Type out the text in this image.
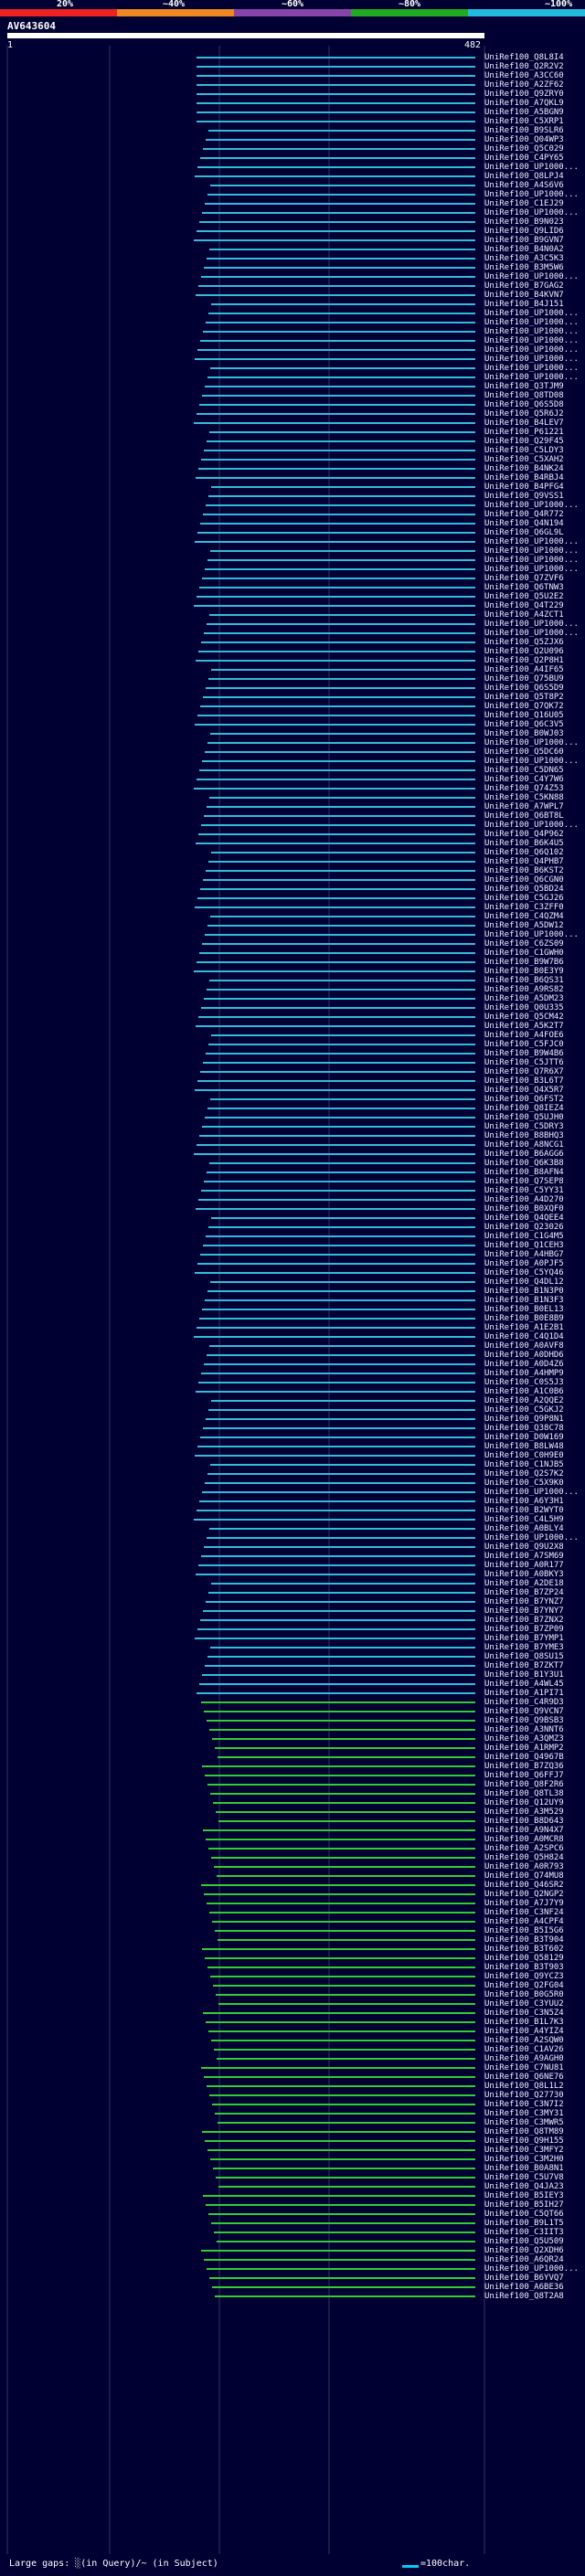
20%	~40%	~60%	~80%	~100%
AV643604
1	482
UniRef100_Q8L8I4
UniRef100_Q2R2V2
UniRef100_A3CC60
UniRef100_A2ZF62
UniRef100_Q9ZRY0
UniRef100_A7QKL9
UniRef100_A5BGN9
UniRef100_C5XRP1
UniRef100_B9SLR6
UniRef100_Q04WP3
UniRef100_Q5C029
UniRef100_C4PY65
UniRef100_UP1000...
UniRef100_Q8LPJ4
UniRef100_A4S6V6
UniRef100_UP1000...
UniRef100_C1EJ29
UniRef100_UP1000...
UniRef100_B9N023
UniRef100_Q9LID6
UniRef100_B9GVN7
UniRef100_B4N0A2
UniRef100_A3C5K3
UniRef100_B3M5W6
UniRef100_UP1000...
UniRef100_B7GAG2
UniRef100_B4KVN7
UniRef100_B4J151
UniRef100_UP1000...
UniRef100_UP1000...
UniRef100_UP1000...
UniRef100_UP1000...
UniRef100_UP1000...
UniRef100_UP1000...
UniRef100_UP1000...
UniRef100_UP1000...
UniRef100_Q3TJM9
UniRef100_Q8TD08
UniRef100_Q6S5D8
UniRef100_Q5R6J2
UniRef100_B4LEV7
UniRef100_P61221
UniRef100_Q29F45
UniRef100_C5LDY3
UniRef100_C5XAH2
UniRef100_B4NK24
UniRef100_B4RBJ4
UniRef100_B4PFG4
UniRef100_Q9VSS1
UniRef100_UP1000...
UniRef100_Q4R772
UniRef100_Q4N194
UniRef100_Q6GL9L
UniRef100_UP1000...
UniRef100_UP1000...
UniRef100_UP1000...
UniRef100_UP1000...
UniRef100_Q7ZVF6
UniRef100_Q6TNW3
UniRef100_Q5U2E2
UniRef100_Q4T229
UniRef100_A4ZCT1
UniRef100_UP1000...
UniRef100_UP1000...
UniRef100_Q5ZJX6
UniRef100_Q2U096
UniRef100_Q2P8H1
UniRef100_A4IF65
UniRef100_Q75BU9
UniRef100_Q6S5D9
UniRef100_Q5T8P2
UniRef100_Q7QK72
UniRef100_Q16U05
UniRef100_Q6C3V5
UniRef100_B0WJ03
UniRef100_UP1000...
UniRef100_Q5DC60
UniRef100_UP1000...
UniRef100_C5DN65
UniRef100_C4Y7W6
UniRef100_Q74Z53
UniRef100_C5KN88
UniRef100_A7WPL7
UniRef100_Q6BT8L
UniRef100_UP1000...
UniRef100_Q4P962
UniRef100_B6K4U5
UniRef100_Q6Q102
UniRef100_Q4PHB7
UniRef100_B6KST2
UniRef100_Q6CGN0
UniRef100_Q5BD24
UniRef100_C5GJ26
UniRef100_C3ZFF0
UniRef100_C4QZM4
UniRef100_A5DW12
UniRef100_UP1000...
UniRef100_C6ZS09
UniRef100_C1GWH0
UniRef100_B9W7B6
UniRef100_B0E3Y9
UniRef100_B6QS31
UniRef100_A9RS82
UniRef100_A5DM23
UniRef100_Q0U335
UniRef100_Q5CM42
UniRef100_A5K2T7
UniRef100_A4FOE6
UniRef100_C5FJC0
UniRef100_B9W4B6
UniRef100_C5JTT6
UniRef100_Q7R6X7
UniRef100_B3L6T7
UniRef100_Q4X5R7
UniRef100_Q6FST2
UniRef100_Q8IEZ4
UniRef100_Q5UJH0
UniRef100_C5DRY3
UniRef100_B8BHQ3
UniRef100_A8NCG1
UniRef100_B6AGG6
UniRef100_Q6K3B8
UniRef100_B8AFN4
UniRef100_Q7SEP8
UniRef100_C5YY31
UniRef100_A4D270
UniRef100_B0XQF0
UniRef100_Q4QEE4
UniRef100_Q23026
UniRef100_C1G4M5
UniRef100_Q1CEH3
UniRef100_A4HBG7
UniRef100_A0PJF5
UniRef100_C5YQ46
UniRef100_Q4DL12
UniRef100_B1N3P0
UniRef100_B1N3F3
UniRef100_B0EL13
UniRef100_B0E8B9
UniRef100_A1E2B1
UniRef100_C4Q1D4
UniRef100_A0AVF8
UniRef100_A0DHD6
UniRef100_A0D4Z6
UniRef100_A4HMP9
UniRef100_C0S5J3
UniRef100_A1C0B6
UniRef100_A2QQE2
UniRef100_C5GKJ2
UniRef100_Q9P8N1
UniRef100_Q38C78
UniRef100_D0W169
UniRef100_B8LW48
UniRef100_C0H9E0
UniRef100_C1NJB5
UniRef100_Q2S7K2
UniRef100_C5X9K0
UniRef100_UP1000...
UniRef100_A6Y3H1
UniRef100_B2WYT0
UniRef100_C4L5H9
UniRef100_A0BLY4
UniRef100_UP1000...
UniRef100_Q9U2X8
UniRef100_A7SM69
UniRef100_A0R177
UniRef100_A0BKY3
UniRef100_A2DE18
UniRef100_B7ZP24
UniRef100_B7YNZ7
UniRef100_B7YNY7
UniRef100_B7ZNX2
UniRef100_B7ZP09
UniRef100_B7YMP1
UniRef100_B7YME3
UniRef100_Q8SU15
UniRef100_B7ZKT7
UniRef100_B1Y3U1
UniRef100_A4WL45
UniRef100_A1PI71
UniRef100_C4R9D3
UniRef100_Q9VCN7
UniRef100_Q9BSB3
UniRef100_A3NNT6
UniRef100_A3QMZ3
UniRef100_A1RMP2
UniRef100_Q4967B
UniRef100_B7ZQ36
UniRef100_Q6FFJ7
UniRef100_Q8F2R6
UniRef100_Q8TL38
UniRef100_Q12UY9
UniRef100_A3M529
UniRef100_B8D643
UniRef100_A9N4X7
UniRef100_A0MCR8
UniRef100_A2SPC6
UniRef100_Q5H824
UniRef100_A0R793
UniRef100_Q74MU8
UniRef100_Q46SR2
UniRef100_Q2NGP2
UniRef100_A7J7Y9
UniRef100_C3NF24
UniRef100_A4CPF4
UniRef100_B5I5G6
UniRef100_B3T904
UniRef100_B3T602
UniRef100_Q58129
UniRef100_B3T903
UniRef100_Q9YCZ3
UniRef100_Q2FG04
UniRef100_B0G5R0
UniRef100_C3YUU2
UniRef100_C3N5Z4
UniRef100_B1L7K3
UniRef100_A4YIZ4
UniRef100_A2SQW0
UniRef100_C1AV26
UniRef100_A9AGH0
UniRef100_C7NU81
UniRef100_Q6NE76
UniRef100_Q8L1L2
UniRef100_Q27730
UniRef100_C3N7I2
UniRef100_C3MY31
UniRef100_C3MWR5
UniRef100_Q8TM89
UniRef100_Q9H155
UniRef100_C3MFY2
UniRef100_C3M2H0
UniRef100_B0A8N1
UniRef100_C5U7V8
UniRef100_Q4JA23
UniRef100_B5IEY3
UniRef100_B5IH27
UniRef100_C5QT66
UniRef100_B9L1T5
UniRef100_C3IIT3
UniRef100_Q5U509
UniRef100_Q2XDH6
UniRef100_A6QR24
UniRef100_UP1000...
UniRef100_B6YVQ7
UniRef100_A6BE36
UniRef100_Q8T2A8
Large gaps: ░(in Query)/~ (in Subject)	=100char.
